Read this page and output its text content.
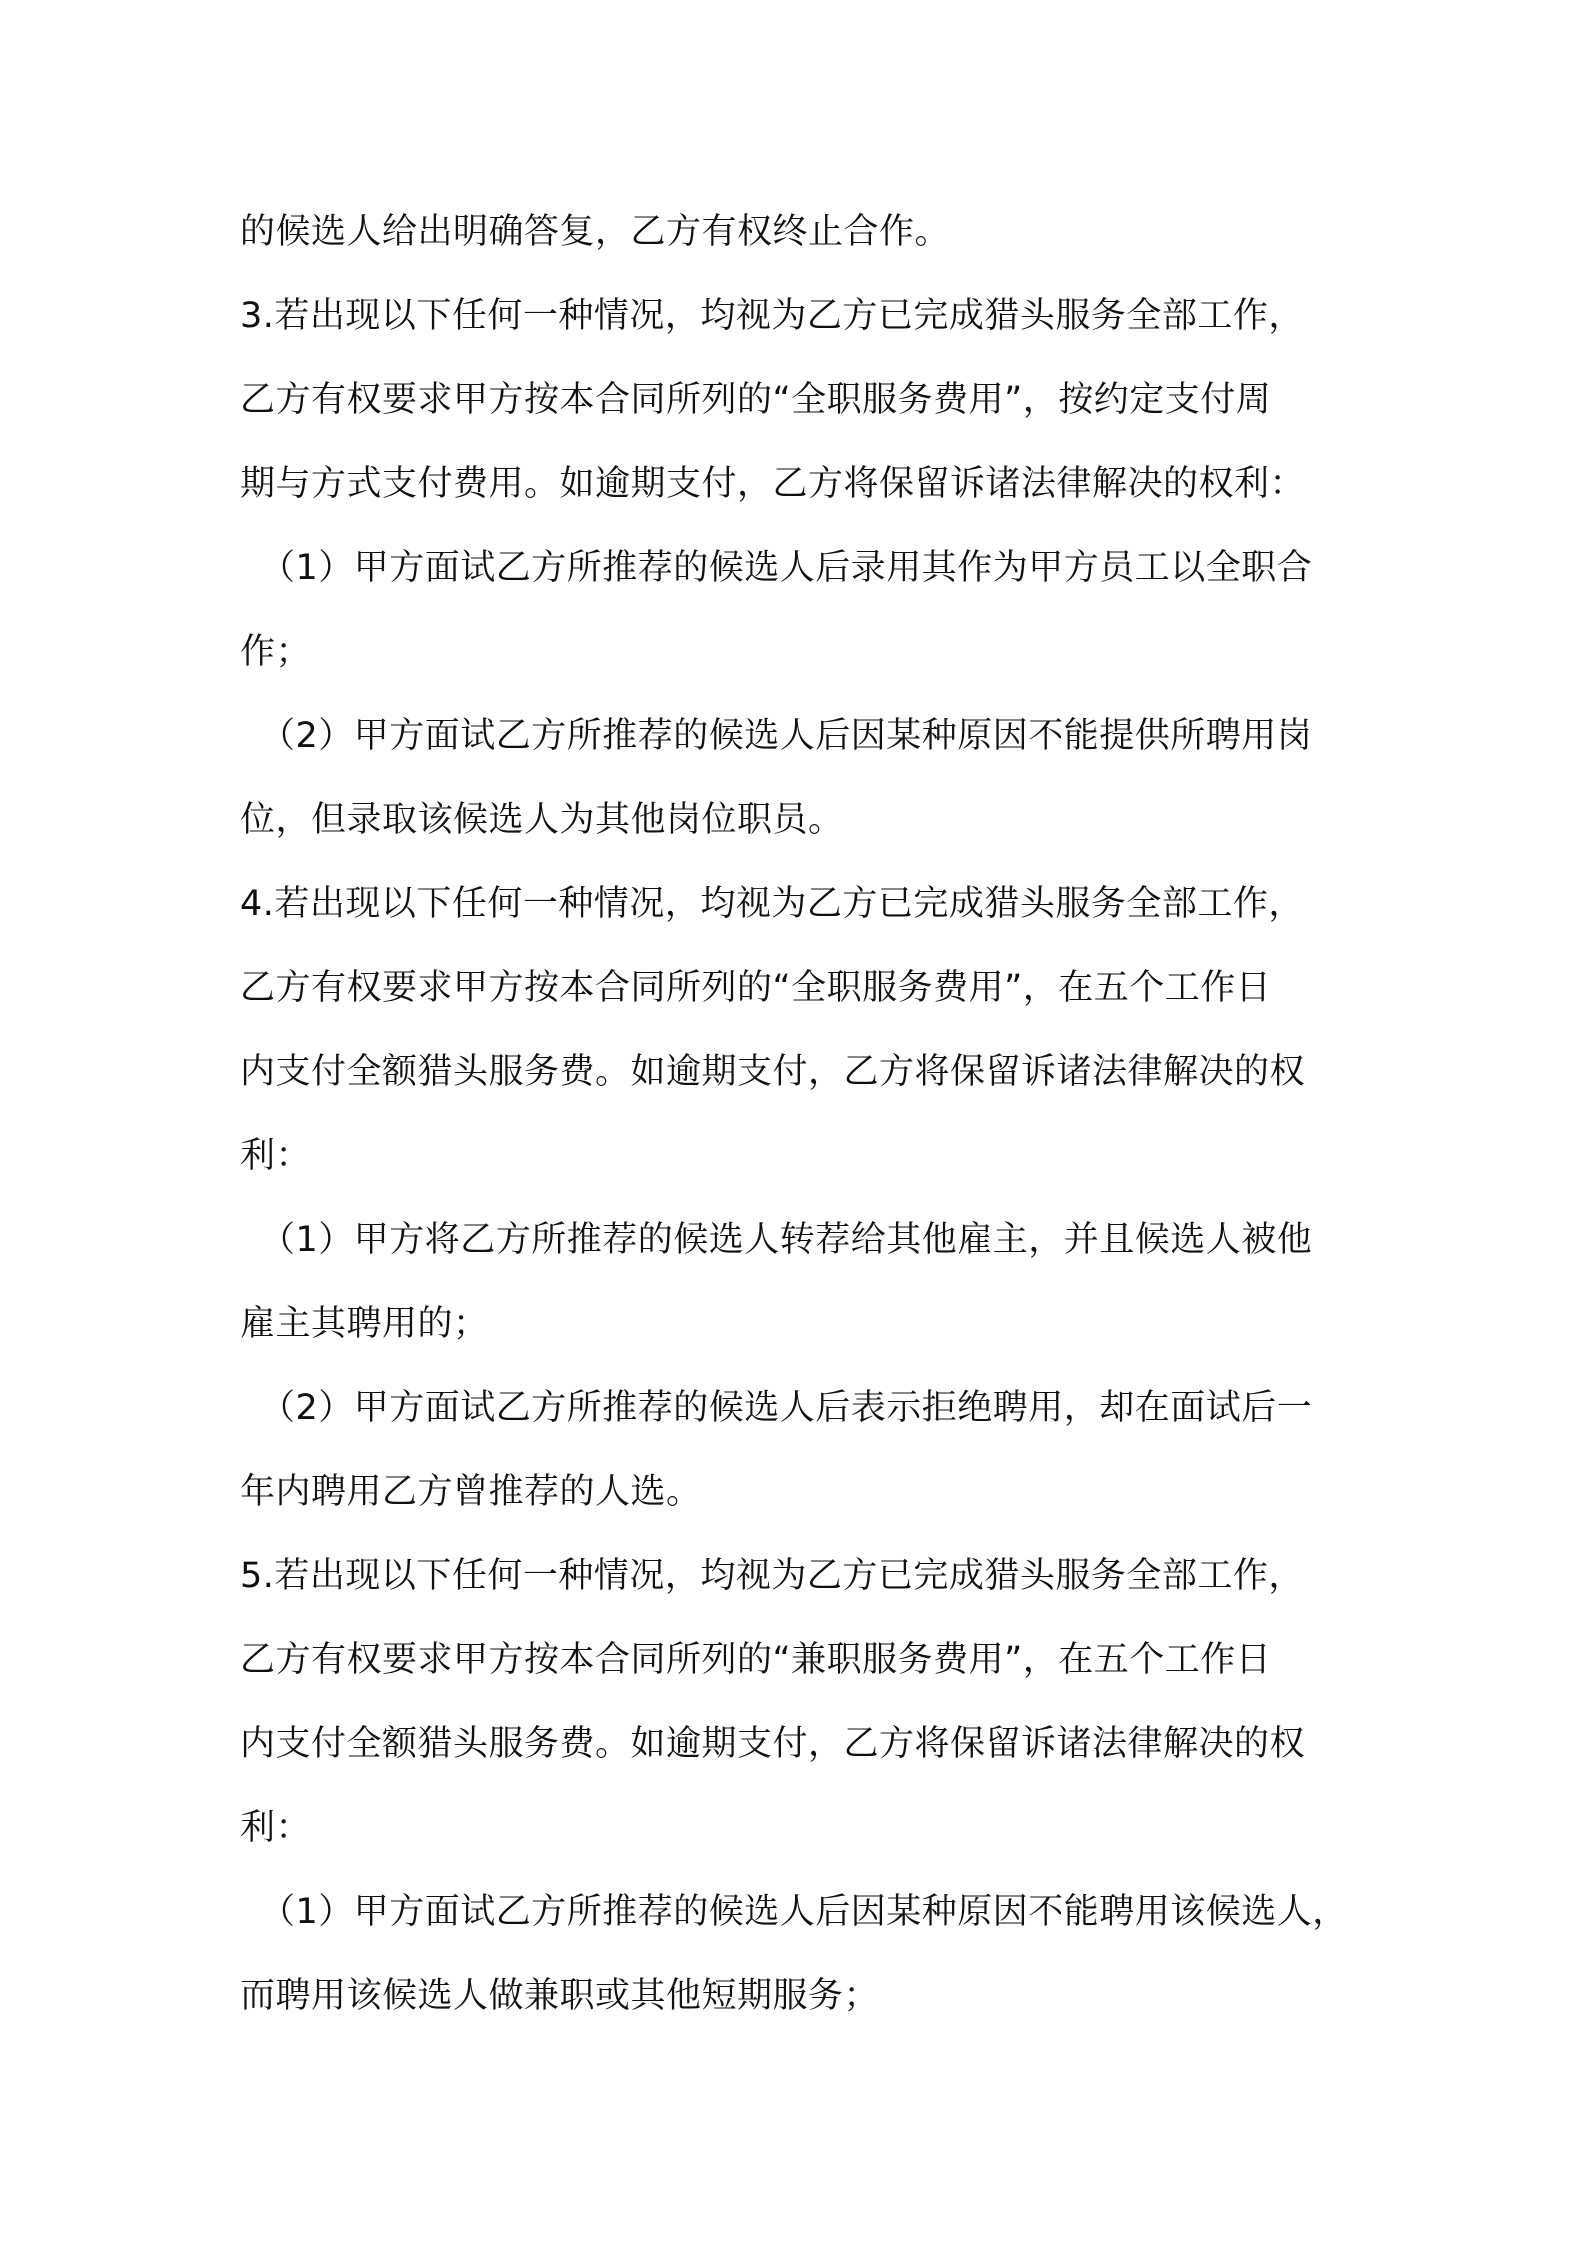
的候选人给出明确答复，乙方有权终止合作。
3.若出现以下任何一种情况，均视为乙方已完成猎头服务全部工作，
乙方有权要求甲方按本合同所列的“全职服务费用”，按约定支付周
期与方式支付费用。如逾期支付，乙方将保留诉诸法律解决的权利：
（1）甲方面试乙方所推荐的候选人后录用其作为甲方员工以全职合
作；
（2）甲方面试乙方所推荐的候选人后因某种原因不能提供所聘用岗
位，但录取该候选人为其他岗位职员。
4.若出现以下任何一种情况，均视为乙方已完成猎头服务全部工作，
乙方有权要求甲方按本合同所列的“全职服务费用”，在五个工作日
内支付全额猎头服务费。如逾期支付，乙方将保留诉诸法律解决的权
利：
（1）甲方将乙方所推荐的候选人转荐给其他雇主，并且候选人被他
雇主其聘用的；
（2）甲方面试乙方所推荐的候选人后表示拒绝聘用，却在面试后一
年内聘用乙方曾推荐的人选。
5.若出现以下任何一种情况，均视为乙方已完成猎头服务全部工作，
乙方有权要求甲方按本合同所列的“兼职服务费用”，在五个工作日
内支付全额猎头服务费。如逾期支付，乙方将保留诉诸法律解决的权
利：
（1）甲方面试乙方所推荐的候选人后因某种原因不能聘用该候选人，
而聘用该候选人做兼职或其他短期服务；
